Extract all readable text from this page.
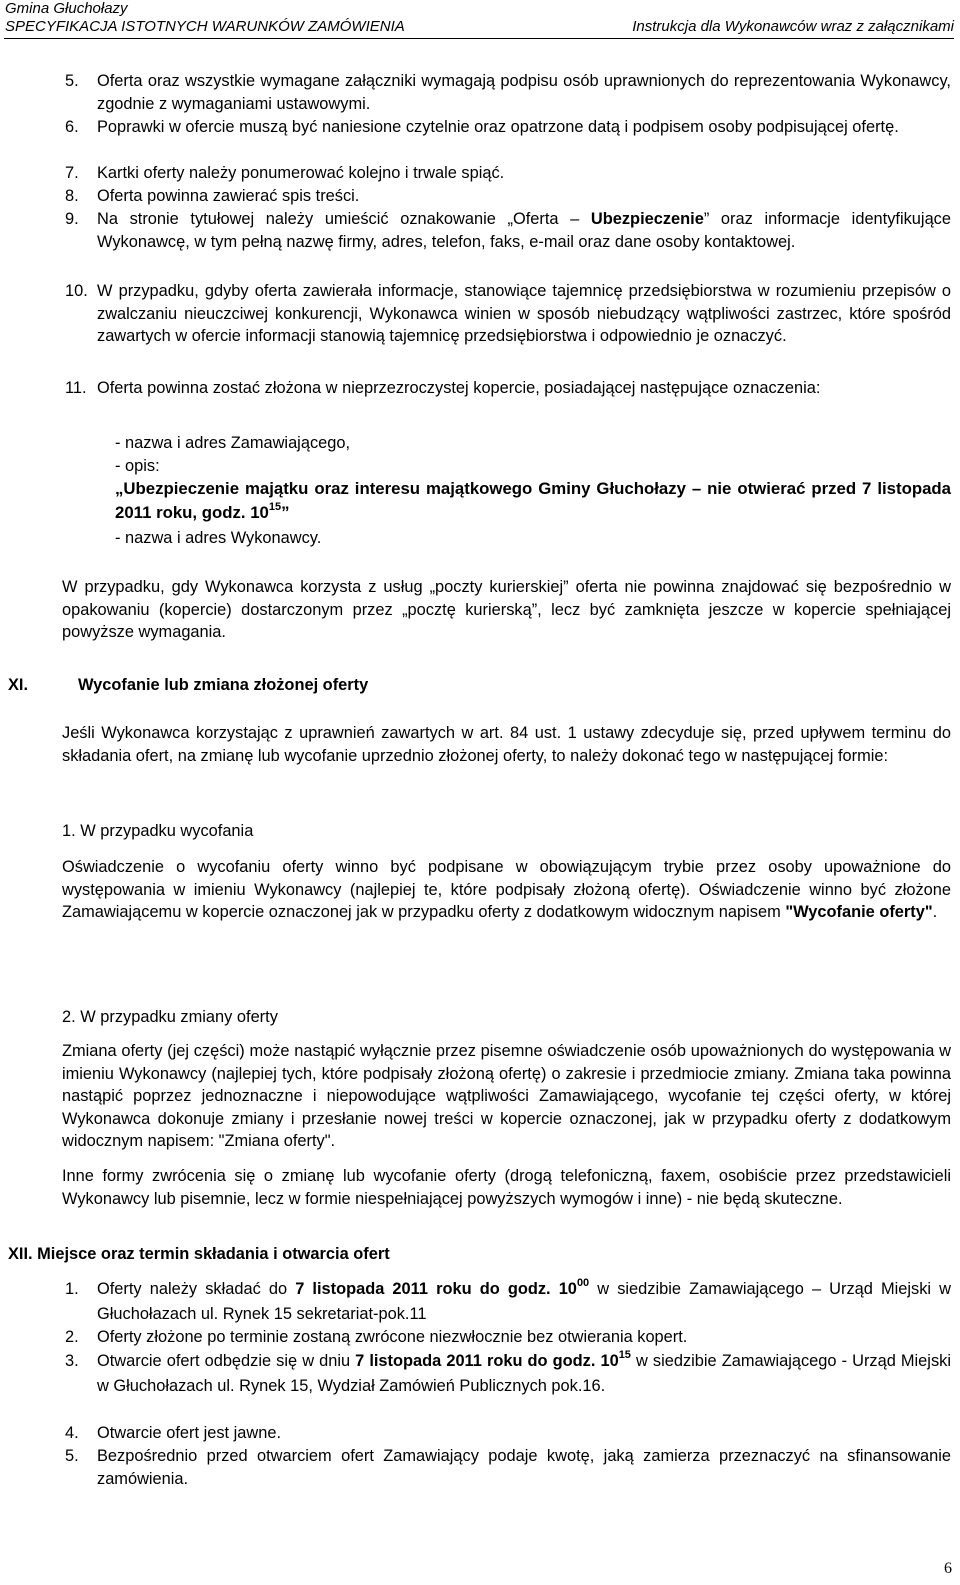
Gmina Głuchołazy
SPECYFIKACJA ISTOTNYCH WARUNKÓW ZAMÓWIENIA	Instrukcja dla Wykonawców wraz z załącznikami
5. Oferta oraz wszystkie wymagane załączniki wymagają podpisu osób uprawnionych do reprezentowania Wykonawcy, zgodnie z wymaganiami ustawowymi.

6. Poprawki w ofercie muszą być naniesione czytelnie oraz opatrzone datą i podpisem osoby podpisującej ofertę.

7. Kartki oferty należy ponumerować kolejno i trwale spiąć.

8. Oferta powinna zawierać spis treści.

9. Na stronie tytułowej należy umieścić oznakowanie „Oferta – Ubezpieczenie” oraz informacje identyfikujące Wykonawcę, w tym pełną nazwę firmy, adres, telefon, faks, e-mail oraz dane osoby kontaktowej.

10. W przypadku, gdyby oferta zawierała informacje, stanowiące tajemnicę przedsiębiorstwa w rozumieniu przepisów o zwalczaniu nieuczciwej konkurencji, Wykonawca winien w sposób niebudzący wątpliwości zastrzec, które spośród zawartych w ofercie informacji stanowią tajemnicę przedsiębiorstwa i odpowiednio je oznaczyć.

11. Oferta powinna zostać złożona w nieprzezroczystej kopercie, posiadającej następujące oznaczenia:

- nazwa i adres Zamawiającego,

- opis:

„Ubezpieczenie majątku oraz interesu majątkowego Gminy Głuchołazy – nie otwierać przed 7 listopada 2011 roku, godz. $10^{15}$”

- nazwa i adres Wykonawcy.

W przypadku, gdy Wykonawca korzysta z usług „poczty kurierskiej” oferta nie powinna znajdować się bezpośrednio w opakowaniu (kopercie) dostarczonym przez „pocztę kurierską”, lecz być zamknięta jeszcze w kopercie spełniającej powyższe wymagania.

XI.	Wycofanie lub zmiana złożonej oferty

Jeśli Wykonawca korzystając z uprawnień zawartych w art. 84 ust. 1 ustawy zdecyduje się, przed upływem terminu do składania ofert, na zmianę lub wycofanie uprzednio złożonej oferty, to należy dokonać tego w następującej formie:

1. W przypadku wycofania

Oświadczenie o wycofaniu oferty winno być podpisane w obowiązującym trybie przez osoby upoważnione do występowania w imieniu Wykonawcy (najlepiej te, które podpisały złożoną ofertę). Oświadczenie winno być złożone Zamawiającemu w kopercie oznaczonej jak w przypadku oferty z dodatkowym widocznym napisem "Wycofanie oferty".

2. W przypadku zmiany oferty

Zmiana oferty (jej części) może nastąpić wyłącznie przez pisemne oświadczenie osób upoważnionych do występowania w imieniu Wykonawcy (najlepiej tych, które podpisały złożoną ofertę) o zakresie i przedmiocie zmiany. Zmiana taka powinna nastąpić poprzez jednoznaczne i niepowodujące wątpliwości Zamawiającego, wycofanie tej części oferty, w której Wykonawca dokonuje zmiany i przesłanie nowej treści w kopercie oznaczonej, jak w przypadku oferty z dodatkowym widocznym napisem: "Zmiana oferty".

Inne formy zwrócenia się o zmianę lub wycofanie oferty (drogą telefoniczną, faxem, osobiście przez przedstawicieli Wykonawcy lub pisemnie, lecz w formie niespełniającej powyższych wymogów i inne) - nie będą skuteczne.

XII. Miejsce oraz termin składania i otwarcia ofert
1. Oferty należy składać do 7 listopada 2011 roku do godz. $10^{00}$ w siedzibie Zamawiającego – Urząd Miejski w Głuchołazach ul. Rynek 15 sekretariat-pok.11

2. Oferty złożone po terminie zostaną zwrócone niezwłocznie bez otwierania kopert.

3. Otwarcie ofert odbędzie się w dniu 7 listopada 2011 roku do godz. $10^{15}$ w siedzibie Zamawiającego - Urząd Miejski w Głuchołazach ul. Rynek 15, Wydział Zamówień Publicznych pok.16.

4. Otwarcie ofert jest jawne.

5. Bezpośrednio przed otwarciem ofert Zamawiający podaje kwotę, jaką zamierza przeznaczyć na sfinansowanie zamówienia.

6
